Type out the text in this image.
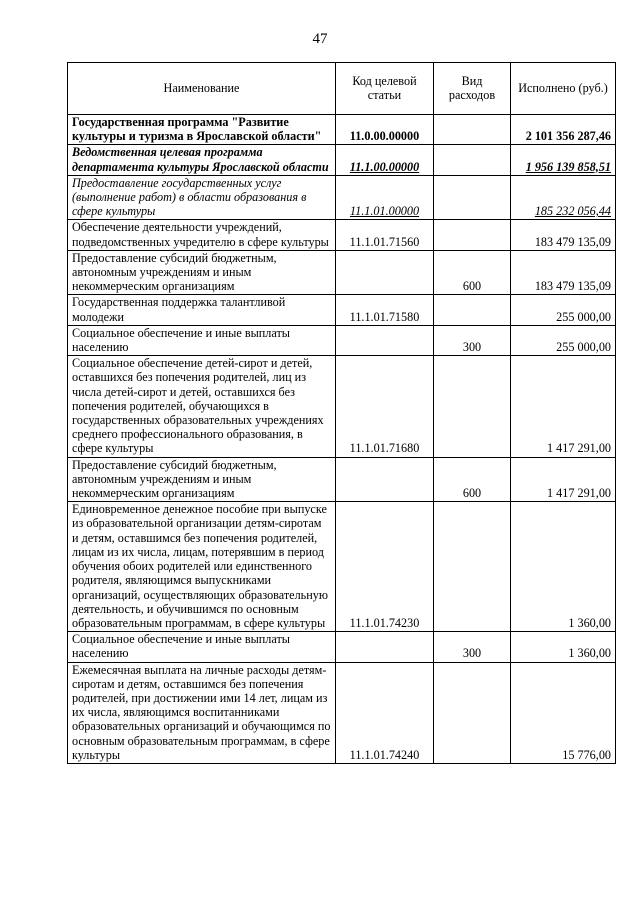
47
Наименование	Код целевой статьи	Вид расходов	Исполнено (руб.)
Государственная программа "Развитие культуры и туризма в Ярославской области"	11.0.00.00000		2 101 356 287,46
Ведомственная целевая программа департамента культуры Ярославской области	11.1.00.00000		1 956 139 858,51
Предоставление государственных услуг (выполнение работ) в области образования в сфере культуры	11.1.01.00000		185 232 056,44
Обеспечение деятельности учреждений, подведомственных учредителю в сфере культуры	11.1.01.71560		183 479 135,09
Предоставление субсидий бюджетным, автономным учреждениям и иным некоммерческим организациям		600	183 479 135,09
Государственная поддержка талантливой молодежи	11.1.01.71580		255 000,00
Социальное обеспечение и иные выплаты населению		300	255 000,00
Социальное обеспечение детей-сирот и детей, оставшихся без попечения родителей, лиц из числа детей-сирот и детей, оставшихся без попечения родителей, обучающихся в государственных образовательных учреждениях среднего профессионального образования, в сфере культуры	11.1.01.71680		1 417 291,00
Предоставление субсидий бюджетным, автономным учреждениям и иным некоммерческим организациям		600	1 417 291,00
Единовременное денежное пособие при выпуске из образовательной организации детям-сиротам и детям, оставшимся без попечения родителей, лицам из их числа, лицам, потерявшим в период обучения обоих родителей или единственного родителя, являющимся выпускниками организаций, осуществляющих образовательную деятельность, и обучившимся по основным образовательным программам, в сфере культуры	11.1.01.74230		1 360,00
Социальное обеспечение и иные выплаты населению		300	1 360,00
Ежемесячная выплата на личные расходы детям-сиротам и детям, оставшимся без попечения родителей, при достижении ими 14 лет, лицам из их числа, являющимся воспитанниками образовательных организаций и обучающимся по основным образовательным программам, в сфере культуры	11.1.01.74240		15 776,00
